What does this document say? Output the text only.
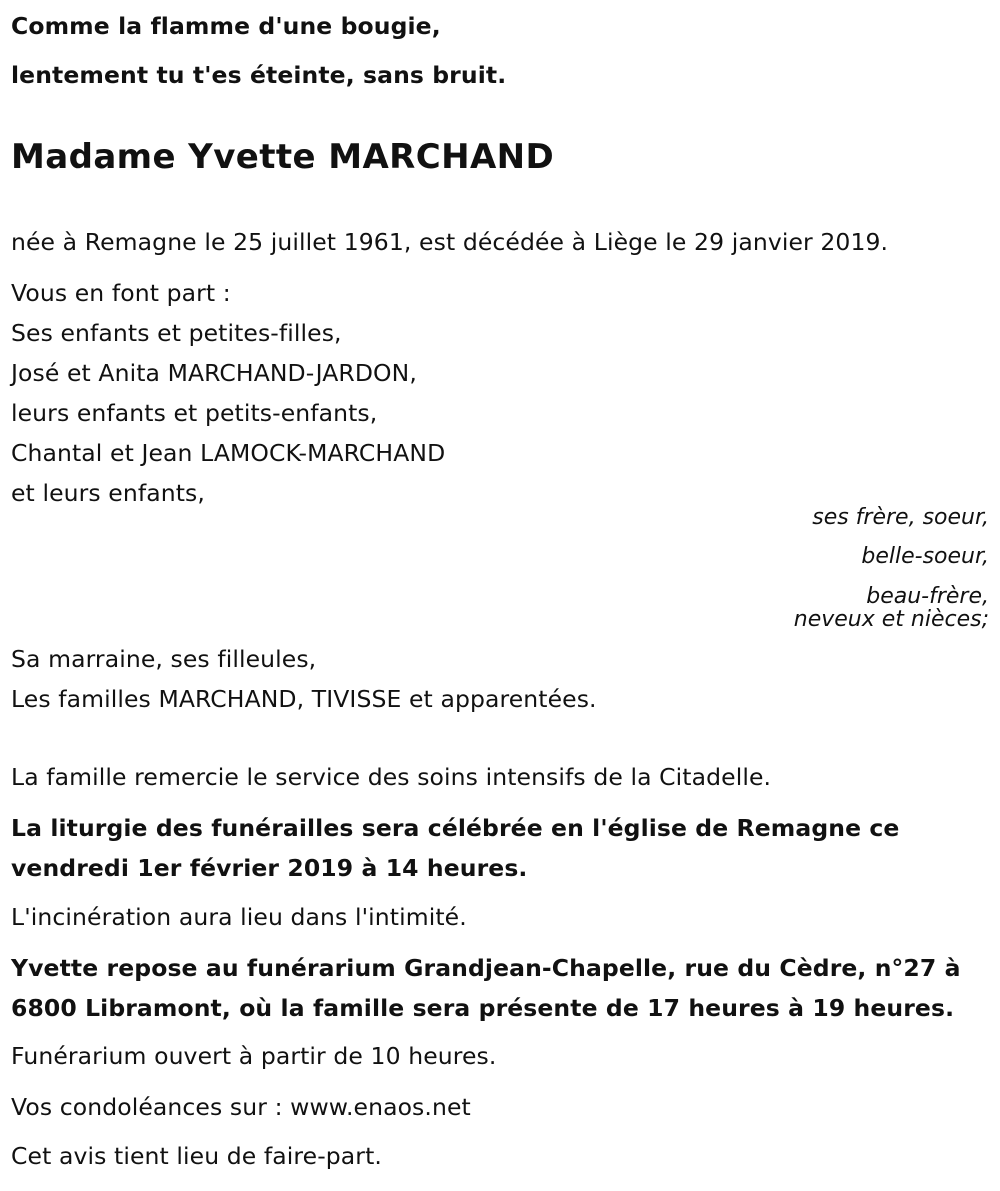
Comme la flamme d'une bougie,
lentement tu t'es éteinte, sans bruit.
Madame Yvette MARCHAND
née à Remagne le 25 juillet 1961, est décédée à Liège le 29 janvier 2019.
Vous en font part :
Ses enfants et petites-filles,
José et Anita MARCHAND-JARDON,
leurs enfants et petits-enfants,
Chantal et Jean LAMOCK-MARCHAND
et leurs enfants,
ses frère, soeur,
belle-soeur,
beau-frère,
neveux et nièces;
Sa marraine, ses filleules,
Les familles MARCHAND, TIVISSE et apparentées.
La famille remercie le service des soins intensifs de la Citadelle.
La liturgie des funérailles sera célébrée en l'église de Remagne ce
vendredi 1er février 2019 à 14 heures.
L'incinération aura lieu dans l'intimité.
Yvette repose au funérarium Grandjean-Chapelle, rue du Cèdre, n°27 à
6800 Libramont, où la famille sera présente de 17 heures à 19 heures.
Funérarium ouvert à partir de 10 heures.
Vos condoléances sur : www.enaos.net
Cet avis tient lieu de faire-part.
